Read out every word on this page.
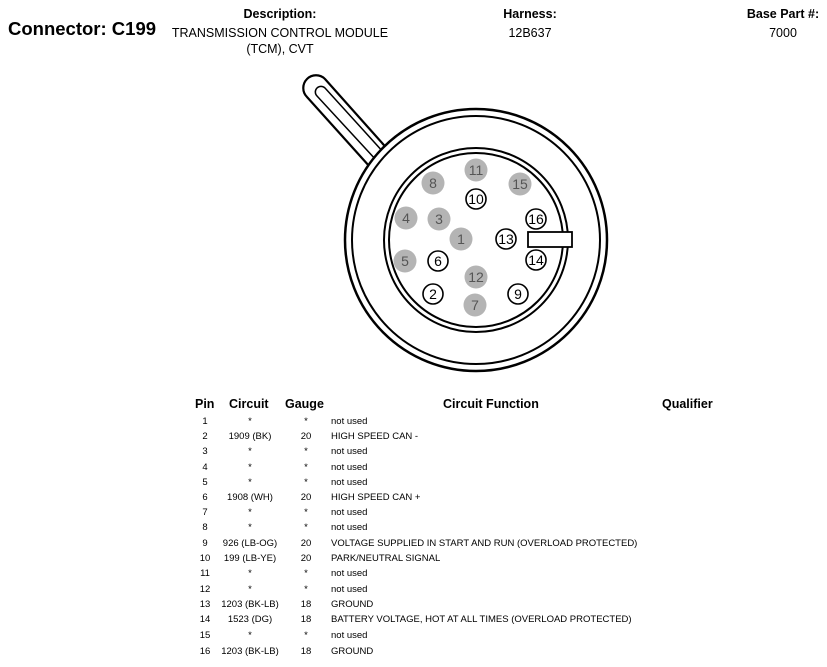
Connector: C199
Description:
TRANSMISSION CONTROL MODULE
(TCM), CVT
Harness:
12B637
Base Part #:
7000
1
2
3
4
5 6
7
8
9
10
11
12
13
14
15
16
Pin Circuit Gauge	Circuit Function	Qualifier
1	*	*	not used
2	1909 (BK)	20	HIGH SPEED CAN -
3	*	*	not used
4	*	*	not used
5	*	*	not used
6	1908 (WH)	20	HIGH SPEED CAN +
7	*	*	not used
8	*	*	not used
9	926 (LB-OG)	20	VOLTAGE SUPPLIED IN START AND RUN (OVERLOAD PROTECTED)
10	199 (LB-YE)	20	PARK/NEUTRAL SIGNAL
11	*	*	not used
12	*	*	not used
13	1203 (BK-LB)	18	GROUND
14	1523 (DG)	18	BATTERY VOLTAGE, HOT AT ALL TIMES (OVERLOAD PROTECTED)
15	*	*	not used
16	1203 (BK-LB)	18	GROUND
